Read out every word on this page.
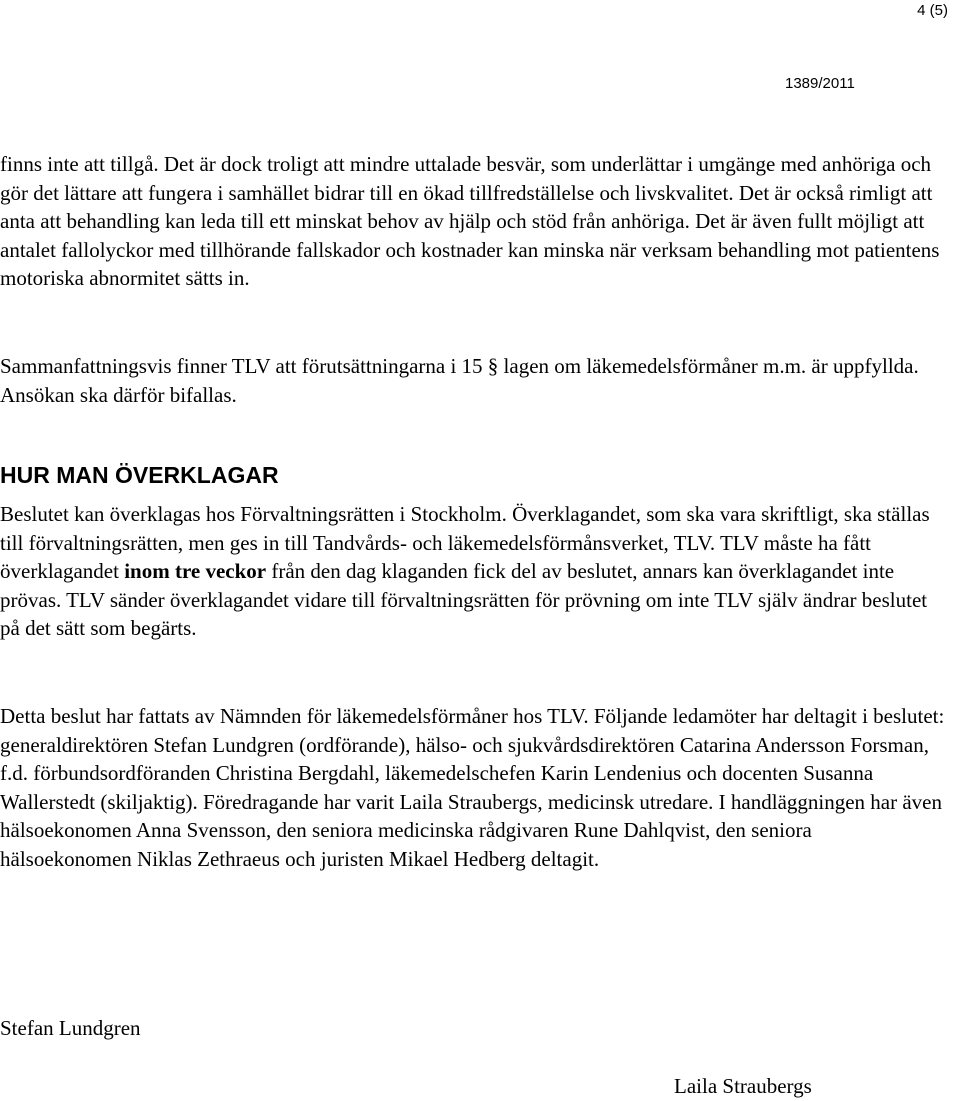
4 (5)
1389/2011

finns inte att tillgå. Det är dock troligt att mindre uttalade besvär, som underlättar i umgänge med anhöriga och gör det lättare att fungera i samhället bidrar till en ökad tillfredställelse och livskvalitet. Det är också rimligt att anta att behandling kan leda till ett minskat behov av hjälp och stöd från anhöriga. Det är även fullt möjligt att antalet fallolyckor med tillhörande fallskador och kostnader kan minska när verksam behandling mot patientens motoriska abnormitet sätts in.

Sammanfattningsvis finner TLV att förutsättningarna i 15 § lagen om läkemedelsförmåner m.m. är uppfyllda. Ansökan ska därför bifallas.

HUR MAN ÖVERKLAGAR

Beslutet kan överklagas hos Förvaltningsrätten i Stockholm. Överklagandet, som ska vara skriftligt, ska ställas till förvaltningsrätten, men ges in till Tandvårds- och läkemedelsförmånsverket, TLV. TLV måste ha fått överklagandet inom tre veckor från den dag klaganden fick del av beslutet, annars kan överklagandet inte prövas. TLV sänder överklagandet vidare till förvaltningsrätten för prövning om inte TLV själv ändrar beslutet på det sätt som begärts.

Detta beslut har fattats av Nämnden för läkemedelsförmåner hos TLV. Följande ledamöter har deltagit i beslutet: generaldirektören Stefan Lundgren (ordförande), hälso- och sjukvårdsdirektören Catarina Andersson Forsman, f.d. förbundsordföranden Christina Bergdahl, läkemedelschefen Karin Lendenius och docenten Susanna Wallerstedt (skiljaktig). Föredragande har varit Laila Straubergs, medicinsk utredare. I handläggningen har även hälsoekonomen Anna Svensson, den seniora medicinska rådgivaren Rune Dahlqvist, den seniora hälsoekonomen Niklas Zethraeus och juristen Mikael Hedberg deltagit.

Stefan Lundgren
Laila Straubergs
